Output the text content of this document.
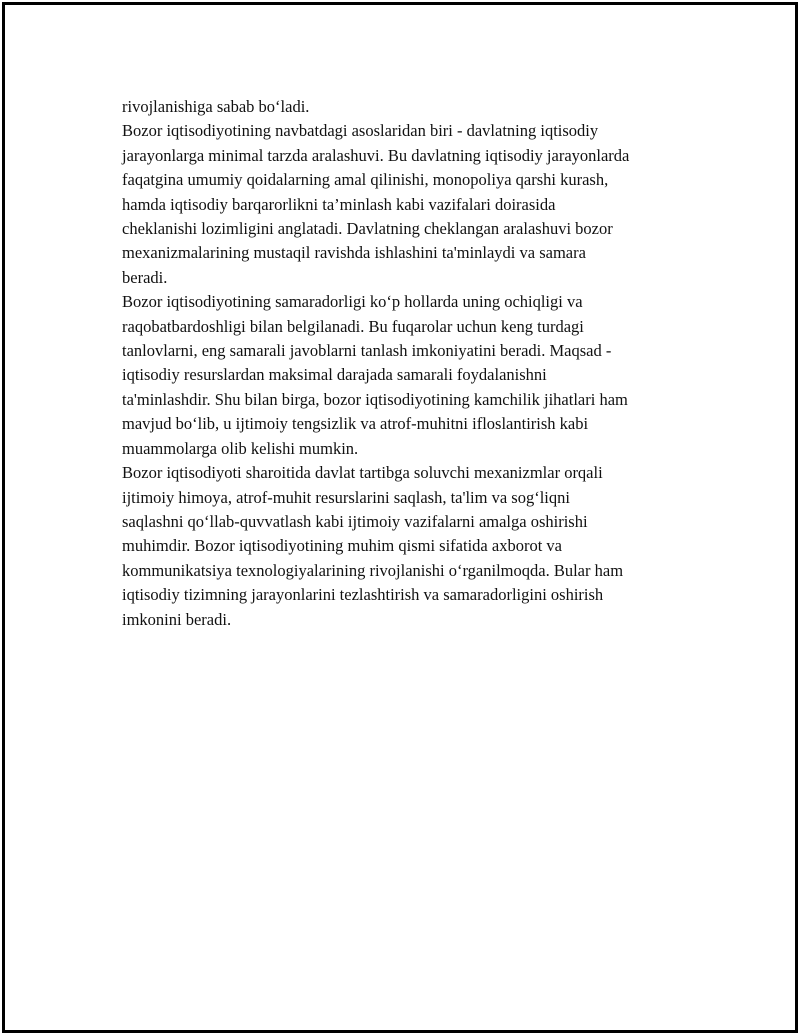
rivojlanishiga sabab bo‘ladi.

Bozor iqtisodiyotining navbatdagi asoslaridan biri - davlatning iqtisodiy
jarayonlarga minimal tarzda aralashuvi. Bu davlatning iqtisodiy jarayonlarda
faqatgina umumiy qoidalarning amal qilinishi, monopoliya qarshi kurash,
hamda iqtisodiy barqarorlikni ta’minlash kabi vazifalari doirasida
cheklanishi lozimligini anglatadi. Davlatning cheklangan aralashuvi bozor
mexanizmalarining mustaqil ravishda ishlashini ta'minlaydi va samara
beradi.

Bozor iqtisodiyotining samaradorligi ko‘p hollarda uning ochiqligi va
raqobatbardoshligi bilan belgilanadi. Bu fuqarolar uchun keng turdagi
tanlovlarni, eng samarali javoblarni tanlash imkoniyatini beradi. Maqsad -
iqtisodiy resurslardan maksimal darajada samarali foydalanishni
ta'minlashdir. Shu bilan birga, bozor iqtisodiyotining kamchilik jihatlari ham
mavjud bo‘lib, u ijtimoiy tengsizlik va atrof-muhitni ifloslantirish kabi
muammolarga olib kelishi mumkin.

Bozor iqtisodiyoti sharoitida davlat tartibga soluvchi mexanizmlar orqali
ijtimoiy himoya, atrof-muhit resurslarini saqlash, ta'lim va sog‘liqni
saqlashni qo‘llab-quvvatlash kabi ijtimoiy vazifalarni amalga oshirishi
muhimdir. Bozor iqtisodiyotining muhim qismi sifatida axborot va
kommunikatsiya texnologiyalarining rivojlanishi o‘rganilmoqda. Bular ham
iqtisodiy tizimning jarayonlarini tezlashtirish va samaradorligini oshirish
imkonini beradi.
